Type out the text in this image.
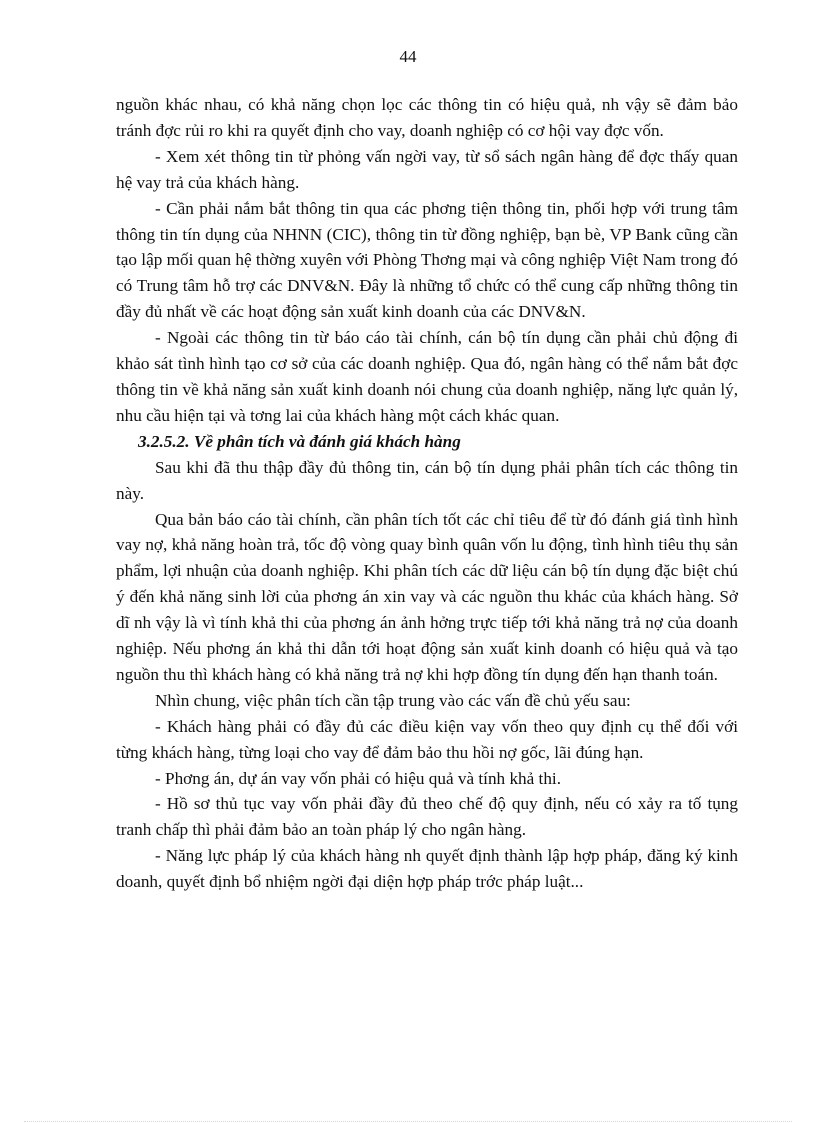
44

nguồn khác nhau, có khả năng chọn lọc các thông tin có hiệu quả, nh vậy sẽ đảm bảo tránh đợc rủi ro khi ra quyết định cho vay, doanh nghiệp có cơ hội vay đợc vốn.

- Xem xét thông tin từ phỏng vấn ngời vay, từ sổ sách ngân hàng để đợc thấy quan hệ vay trả của khách hàng.

- Cần phải nắm bắt thông tin qua các phơng tiện thông tin, phối hợp với trung tâm thông tin tín dụng của NHNN (CIC), thông tin từ đồng nghiệp, bạn bè, VP Bank cũng cần tạo lập mối quan hệ thờng xuyên với Phòng Thơng mại và công nghiệp Việt Nam trong đó có Trung tâm hỗ trợ các DNV&N. Đây là những tổ chức có thể cung cấp những thông tin đầy đủ nhất về các hoạt động sản xuất kinh doanh của các DNV&N.

- Ngoài các thông tin từ báo cáo tài chính, cán bộ tín dụng cần phải chủ động đi khảo sát tình hình tạo cơ sở của các doanh nghiệp. Qua đó, ngân hàng có thể nắm bắt đợc thông tin về khả năng sản xuất kinh doanh nói chung của doanh nghiệp, năng lực quản lý, nhu cầu hiện tại và tơng lai của khách hàng một cách khác quan.

3.2.5.2. Về phân tích và đánh giá khách hàng

Sau khi đã thu thập đầy đủ thông tin, cán bộ tín dụng phải phân tích các thông tin này.

Qua bản báo cáo tài chính, cần phân tích tốt các chỉ tiêu để từ đó đánh giá tình hình vay nợ, khả năng hoàn trả, tốc độ vòng quay bình quân vốn lu động, tình hình tiêu thụ sản phẩm, lợi nhuận của doanh nghiệp. Khi phân tích các dữ liệu cán bộ tín dụng đặc biệt chú ý đến khả năng sinh lời của phơng án xin vay và các nguồn thu khác của khách hàng. Sở dĩ nh vậy là vì tính khả thi của phơng án ảnh hởng trực tiếp tới khả năng trả nợ của doanh nghiệp. Nếu phơng án khả thi dẫn tới hoạt động sản xuất kinh doanh có hiệu quả và tạo nguồn thu thì khách hàng có khả năng trả nợ khi hợp đồng tín dụng đến hạn thanh toán.

Nhìn chung, việc phân tích cần tập trung vào các vấn đề chủ yếu sau:

- Khách hàng phải có đầy đủ các điều kiện vay vốn theo quy định cụ thể đối với từng khách hàng, từng loại cho vay để đảm bảo thu hồi nợ gốc, lãi đúng hạn.

- Phơng án, dự án vay vốn phải có hiệu quả và tính khả thi.

- Hồ sơ thủ tục vay vốn phải đầy đủ theo chế độ quy định, nếu có xảy ra tố tụng tranh chấp thì phải đảm bảo an toàn pháp lý cho ngân hàng.

- Năng lực pháp lý của khách hàng nh quyết định thành lập hợp pháp, đăng ký kinh doanh, quyết định bổ nhiệm ngời đại diện hợp pháp trớc pháp luật...
